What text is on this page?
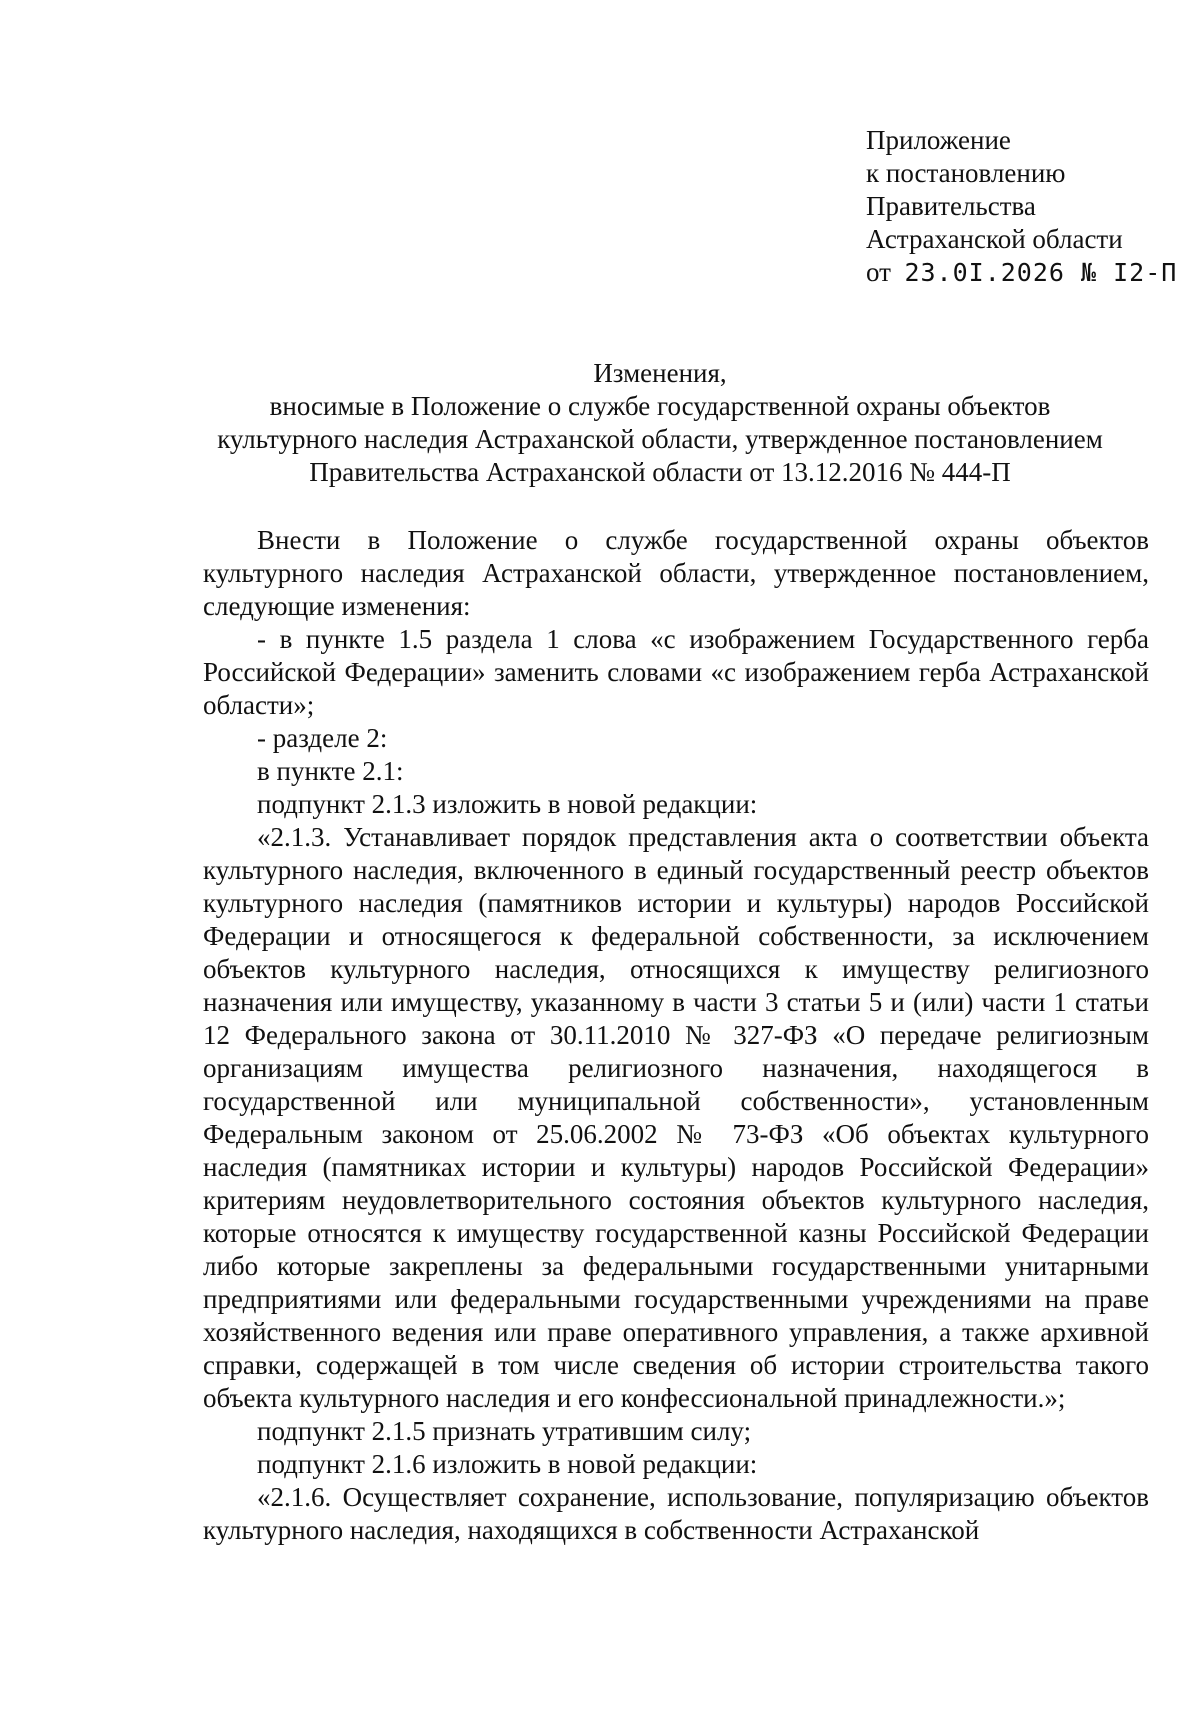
Приложение
к постановлению
Правительства
Астраханской области
от 23.0I.2026 № I2-П
Изменения,
вносимые в Положение о службе государственной охраны объектов
культурного наследия Астраханской области, утвержденное постановлением
Правительства Астраханской области от 13.12.2016 № 444-П

Внести в Положение о службе государственной охраны объектов культурного наследия Астраханской области, утвержденное постановлением, следующие изменения:

- в пункте 1.5 раздела 1 слова «с изображением Государственного герба Российской Федерации» заменить словами «с изображением герба Астраханской области»;

- разделе 2:

в пункте 2.1:

подпункт 2.1.3 изложить в новой редакции:

«2.1.3. Устанавливает порядок представления акта о соответствии объекта культурного наследия, включенного в единый государственный реестр объектов культурного наследия (памятников истории и культуры) народов Российской Федерации и относящегося к федеральной собственности, за исключением объектов культурного наследия, относящихся к имуществу религиозного назначения или имуществу, указанному в части 3 статьи 5 и (или) части 1 статьи 12 Федерального закона от 30.11.2010 № 327-ФЗ «О передаче религиозным организациям имущества религиозного назначения, находящегося в государственной или муниципальной собственности», установленным Федеральным законом от 25.06.2002 № 73-ФЗ «Об объектах культурного наследия (памятниках истории и культуры) народов Российской Федерации» критериям неудовлетворительного состояния объектов культурного наследия, которые относятся к имуществу государственной казны Российской Федерации либо которые закреплены за федеральными государственными унитарными предприятиями или федеральными государственными учреждениями на праве хозяйственного ведения или праве оперативного управления, а также архивной справки, содержащей в том числе сведения об истории строительства такого объекта культурного наследия и его конфессиональной принадлежности.»;

подпункт 2.1.5 признать утратившим силу;

подпункт 2.1.6 изложить в новой редакции:

«2.1.6. Осуществляет сохранение, использование, популяризацию объектов культурного наследия, находящихся в собственности Астраханской
